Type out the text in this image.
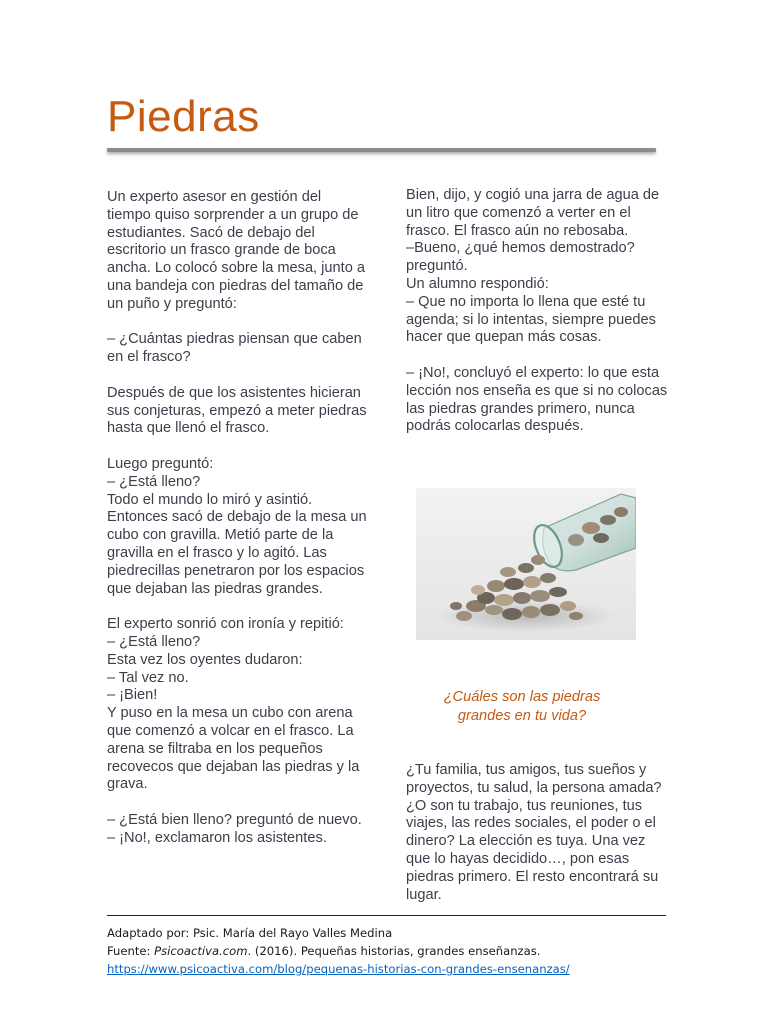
Piedras

Un experto asesor en gestión del tiempo quiso sorprender a un grupo de estudiantes. Sacó de debajo del escritorio un frasco grande de boca ancha. Lo colocó sobre la mesa, junto a una bandeja con piedras del tamaño de un puño y preguntó:

– ¿Cuántas piedras piensan que caben en el frasco?

Después de que los asistentes hicieran sus conjeturas, empezó a meter piedras hasta que llenó el frasco.

Luego preguntó:
– ¿Está lleno?
Todo el mundo lo miró y asintió. Entonces sacó de debajo de la mesa un cubo con gravilla. Metió parte de la gravilla en el frasco y lo agitó. Las piedrecillas penetraron por los espacios que dejaban las piedras grandes.

El experto sonrió con ironía y repitió:
– ¿Está lleno?
Esta vez los oyentes dudaron:
– Tal vez no.
– ¡Bien!
Y puso en la mesa un cubo con arena que comenzó a volcar en el frasco. La arena se filtraba en los pequeños recovecos que dejaban las piedras y la grava.

– ¿Está bien lleno? preguntó de nuevo.
– ¡No!, exclamaron los asistentes.

Bien, dijo, y cogió una jarra de agua de un litro que comenzó a verter en el frasco. El frasco aún no rebosaba.
–Bueno, ¿qué hemos demostrado? preguntó.
Un alumno respondió:
– Que no importa lo llena que esté tu agenda; si lo intentas, siempre puedes hacer que quepan más cosas.

– ¡No!, concluyó el experto: lo que esta lección nos enseña es que si no colocas las piedras grandes primero, nunca podrás colocarlas después.

¿Cuáles son las piedras
grandes en tu vida?

¿Tu familia, tus amigos, tus sueños y proyectos, tu salud, la persona amada? ¿O son tu trabajo, tus reuniones, tus viajes, las redes sociales, el poder o el dinero? La elección es tuya. Una vez que lo hayas decidido…, pon esas piedras primero. El resto encontrará su lugar.

Adaptado por: Psic. María del Rayo Valles Medina
Fuente: Psicoactiva.com. (2016). Pequeñas historias, grandes enseñanzas.
https://www.psicoactiva.com/blog/pequenas-historias-con-grandes-ensenanzas/
